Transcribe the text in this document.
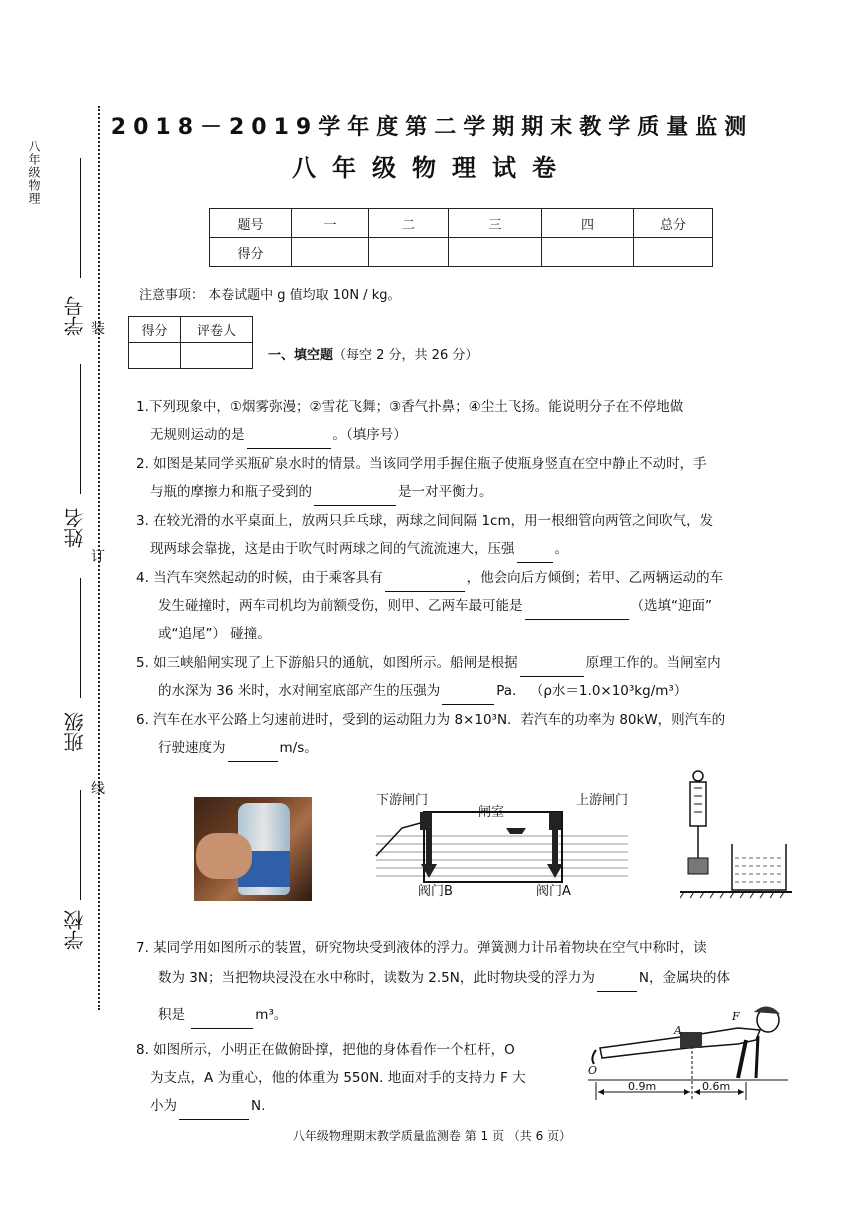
八年级物理
学号
姓名
班级
学校
装
订
线
2018－2019学年度第二学期期末教学质量监测
八年级物理试卷
题号	一	二	三	四	总分
得分					
注意事项： 本卷试题中 g 值均取 10N / kg。
得分	评卷人

一、填空题（每空 2 分，共 26 分）
1.下列现象中，①烟雾弥漫；②雪花飞舞；③香气扑鼻；④尘土飞扬。能说明分子在不停地做
无规则运动的是	。（填序号）
2. 如图是某同学买瓶矿泉水时的情景。当该同学用手握住瓶子使瓶身竖直在空中静止不动时，手
与瓶的摩擦力和瓶子受到的	是一对平衡力。
3. 在较光滑的水平桌面上，放两只乒乓球，两球之间间隔 1cm，用一根细管向两管之间吹气，发
现两球会靠拢，这是由于吹气时两球之间的气流流速大，压强	。
4. 当汽车突然起动的时候，由于乘客具有	，他会向后方倾倒；若甲、乙两辆运动的车
发生碰撞时，两车司机均为前额受伤，则甲、乙两车最可能是	（选填“迎面”
或“追尾”） 碰撞。
5. 如三峡船闸实现了上下游船只的通航，如图所示。船闸是根据	原理工作的。当闸室内
的水深为 36 米时，水对闸室底部产生的压强为	Pa． （ρ水＝1.0×10³kg/m³）
6. 汽车在水平公路上匀速前进时，受到的运动阻力为 8×10³N．若汽车的功率为 80kW，则汽车的
行驶速度为	m/s。
下游闸门
闸室
上游闸门
阀门B	阀门A
7. 某同学用如图所示的装置，研究物块受到液体的浮力。弹簧测力计吊着物块在空气中称时，读
数为 3N；当把物块浸没在水中称时，读数为 2.5N，此时物块受的浮力为	N，金属块的体
积是	m³。
8. 如图所示，小明正在做俯卧撑，把他的身体看作一个杠杆，O
为支点，A 为重心，他的体重为 550N. 地面对手的支持力 F 大
小为	N.
0.9m	0.6m
O
A
F
八年级物理期末教学质量监测卷 第 1 页 （共 6 页）
